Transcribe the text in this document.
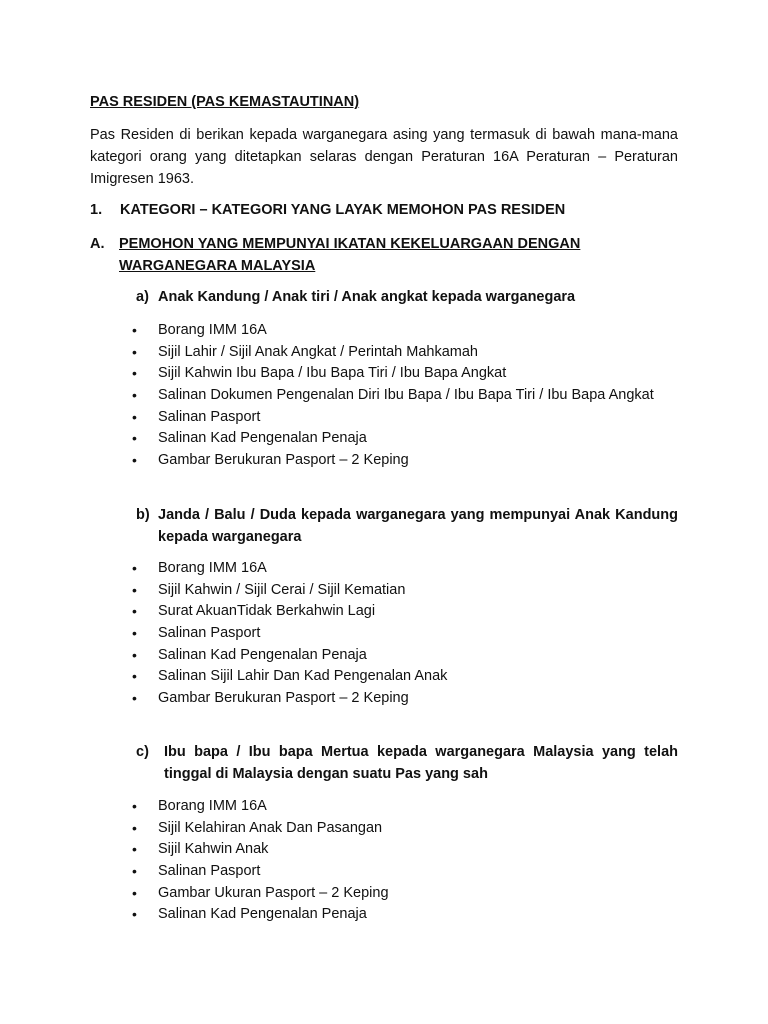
PAS RESIDEN (PAS KEMASTAUTINAN)

Pas Residen di berikan kepada warganegara asing yang termasuk di bawah mana-mana kategori orang yang ditetapkan selaras dengan Peraturan 16A Peraturan – Peraturan Imigresen 1963.

1. KATEGORI – KATEGORI YANG LAYAK MEMOHON PAS RESIDEN
A. PEMOHON YANG MEMPUNYAI IKATAN KEKELUARGAAN DENGAN WARGANEGARA MALAYSIA
a) Anak Kandung / Anak tiri / Anak angkat kepada warganegara
• Borang IMM 16A
• Sijil Lahir / Sijil Anak Angkat / Perintah Mahkamah
• Sijil Kahwin Ibu Bapa / Ibu Bapa Tiri / Ibu Bapa Angkat
• Salinan Dokumen Pengenalan Diri Ibu Bapa / Ibu Bapa Tiri / Ibu Bapa Angkat
• Salinan Pasport
• Salinan Kad Pengenalan Penaja
• Gambar Berukuran Pasport – 2 Keping
b) Janda / Balu / Duda kepada warganegara yang mempunyai Anak Kandung kepada warganegara
• Borang IMM 16A
• Sijil Kahwin / Sijil Cerai / Sijil Kematian
• Surat AkuanTidak Berkahwin Lagi
• Salinan Pasport
• Salinan Kad Pengenalan Penaja
• Salinan Sijil Lahir Dan Kad Pengenalan Anak
• Gambar Berukuran Pasport – 2 Keping
c) Ibu bapa / Ibu bapa Mertua kepada warganegara Malaysia yang telah tinggal di Malaysia dengan suatu Pas yang sah
• Borang IMM 16A
• Sijil Kelahiran Anak Dan Pasangan
• Sijil Kahwin Anak
• Salinan Pasport
• Gambar Ukuran Pasport – 2 Keping
• Salinan Kad Pengenalan Penaja
